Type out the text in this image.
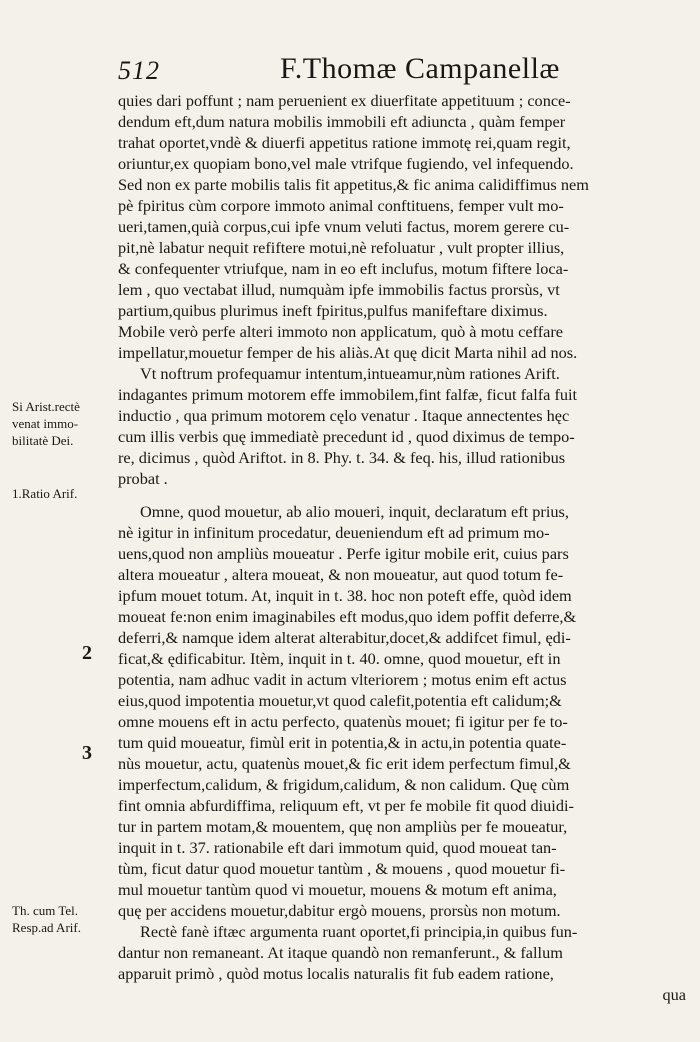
512	F.Thomæ Campanellæ
Si Arist.rectè
venat immo-
bilitatè Dei.
1.Ratio Arif.
2
3
Th. cum Tel.
Resp.ad Arif.
quies dari poffunt ; nam peruenient ex diuerfitate appetituum ; conce-
dendum eft,dum natura mobilis immobili eft adiuncta , quàm femper
trahat oportet,vndè & diuerfi appetitus ratione immotę rei,quam regit,
oriuntur,ex quopiam bono,vel male vtrifque fugiendo, vel infequendo.
Sed non ex parte mobilis talis fit appetitus,& fic anima calidiffimus nem
pè fpiritus cùm corpore immoto animal conftituens, femper vult mo-
ueri,tamen,quià corpus,cui ipfe vnum veluti factus, morem gerere cu-
pit,nè labatur nequit refiftere motui,nè refoluatur , vult propter illius,
& confequenter vtriufque, nam in eo eft inclufus, motum fiftere loca-
lem , quo vectabat illud, numquàm ipfe immobilis factus prorsùs, vt
partium,quibus plurimus ineft fpiritus,pulfus manifeftare diximus.
Mobile verò perfe alteri immoto non applicatum, quò à motu ceffare
impellatur,mouetur femper de his aliàs.At quę dicit Marta nihil ad nos.
Vt noftrum profequamur intentum,intueamur,nùm rationes Arift.
indagantes primum motorem effe immobilem,fint falfæ, ficut falfa fuit
inductio , qua primum motorem cęlo venatur . Itaque annectentes hęc
cum illis verbis quę immediatè precedunt id , quod diximus de tempo-
re, dicimus , quòd Ariftot. in 8. Phy. t. 34. & feq. his, illud rationibus
probat .
Omne, quod mouetur, ab alio moueri, inquit, declaratum eft prius,
nè igitur in infinitum procedatur, deueniendum eft ad primum mo-
uens,quod non ampliùs moueatur . Perfe igitur mobile erit, cuius pars
altera moueatur , altera moueat, & non moueatur, aut quod totum fe-
ipfum mouet totum. At, inquit in t. 38. hoc non poteft effe, quòd idem
moueat fe:non enim imaginabiles eft modus,quo idem poffit deferre,&
deferri,& namque idem alterat alterabitur,docet,& addifcet fimul, ędi-
ficat,& ędificabitur. Itèm, inquit in t. 40. omne, quod mouetur, eft in
potentia, nam adhuc vadit in actum vlteriorem ; motus enim eft actus
eius,quod impotentia mouetur,vt quod calefit,potentia eft calidum;&
omne mouens eft in actu perfecto, quatenùs mouet; fi igitur per fe to-
tum quid moueatur, fimùl erit in potentia,& in actu,in potentia quate-
nùs mouetur, actu, quatenùs mouet,& fic erit idem perfectum fimul,&
imperfectum,calidum, & frigidum,calidum, & non calidum. Quę cùm
fint omnia abfurdiffima, reliquum eft, vt per fe mobile fit quod diuidi-
tur in partem motam,& mouentem, quę non ampliùs per fe moueatur,
inquit in t. 37. rationabile eft dari immotum quid, quod moueat tan-
tùm, ficut datur quod mouetur tantùm , & mouens , quod mouetur fi-
mul mouetur tantùm quod vi mouetur, mouens & motum eft anima,
quę per accidens mouetur,dabitur ergò mouens, prorsùs non motum.
Rectè fanè iftæc argumenta ruant oportet,fi principia,in quibus fun-
dantur non remaneant. At itaque quandò non remanferunt., & fallum
apparuit primò , quòd motus localis naturalis fit fub eadem ratione,
qua
